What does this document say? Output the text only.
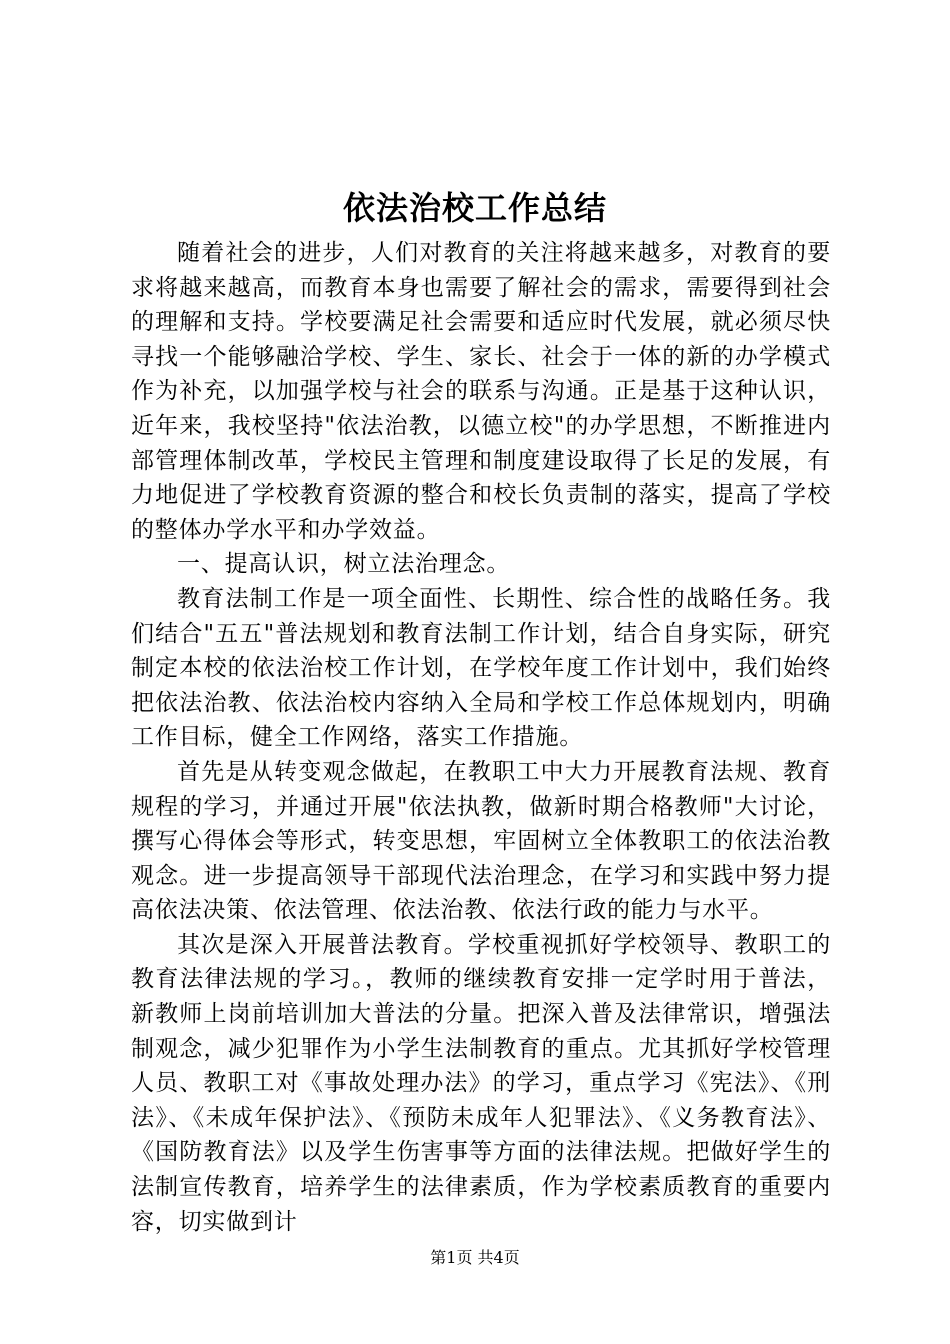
依法治校工作总结

随着社会的进步，人们对教育的关注将越来越多，对教育的要求将越来越高，而教育本身也需要了解社会的需求，需要得到社会的理解和支持。学校要满足社会需要和适应时代发展，就必须尽快寻找一个能够融洽学校、学生、家长、社会于一体的新的办学模式作为补充，以加强学校与社会的联系与沟通。正是基于这种认识，近年来，我校坚持"依法治教，以德立校"的办学思想，不断推进内部管理体制改革，学校民主管理和制度建设取得了长足的发展，有力地促进了学校教育资源的整合和校长负责制的落实，提高了学校的整体办学水平和办学效益。

一、提高认识，树立法治理念。

教育法制工作是一项全面性、长期性、综合性的战略任务。我们结合"五五"普法规划和教育法制工作计划，结合自身实际，研究制定本校的依法治校工作计划，在学校年度工作计划中，我们始终把依法治教、依法治校内容纳入全局和学校工作总体规划内，明确工作目标，健全工作网络，落实工作措施。

首先是从转变观念做起，在教职工中大力开展教育法规、教育规程的学习，并通过开展"依法执教，做新时期合格教师"大讨论，撰写心得体会等形式，转变思想，牢固树立全体教职工的依法治教观念。进一步提高领导干部现代法治理念，在学习和实践中努力提高依法决策、依法管理、依法治教、依法行政的能力与水平。

其次是深入开展普法教育。学校重视抓好学校领导、教职工的教育法律法规的学习。，教师的继续教育安排一定学时用于普法，新教师上岗前培训加大普法的分量。把深入普及法律常识，增强法制观念，减少犯罪作为小学生法制教育的重点。尤其抓好学校管理人员、教职工对《事故处理办法》的学习，重点学习《宪法》、《刑法》、《未成年保护法》、《预防未成年人犯罪法》、《义务教育法》、《国防教育法》以及学生伤害事等方面的法律法规。把做好学生的法制宣传教育，培养学生的法律素质，作为学校素质教育的重要内容，切实做到计

第1页 共4页
